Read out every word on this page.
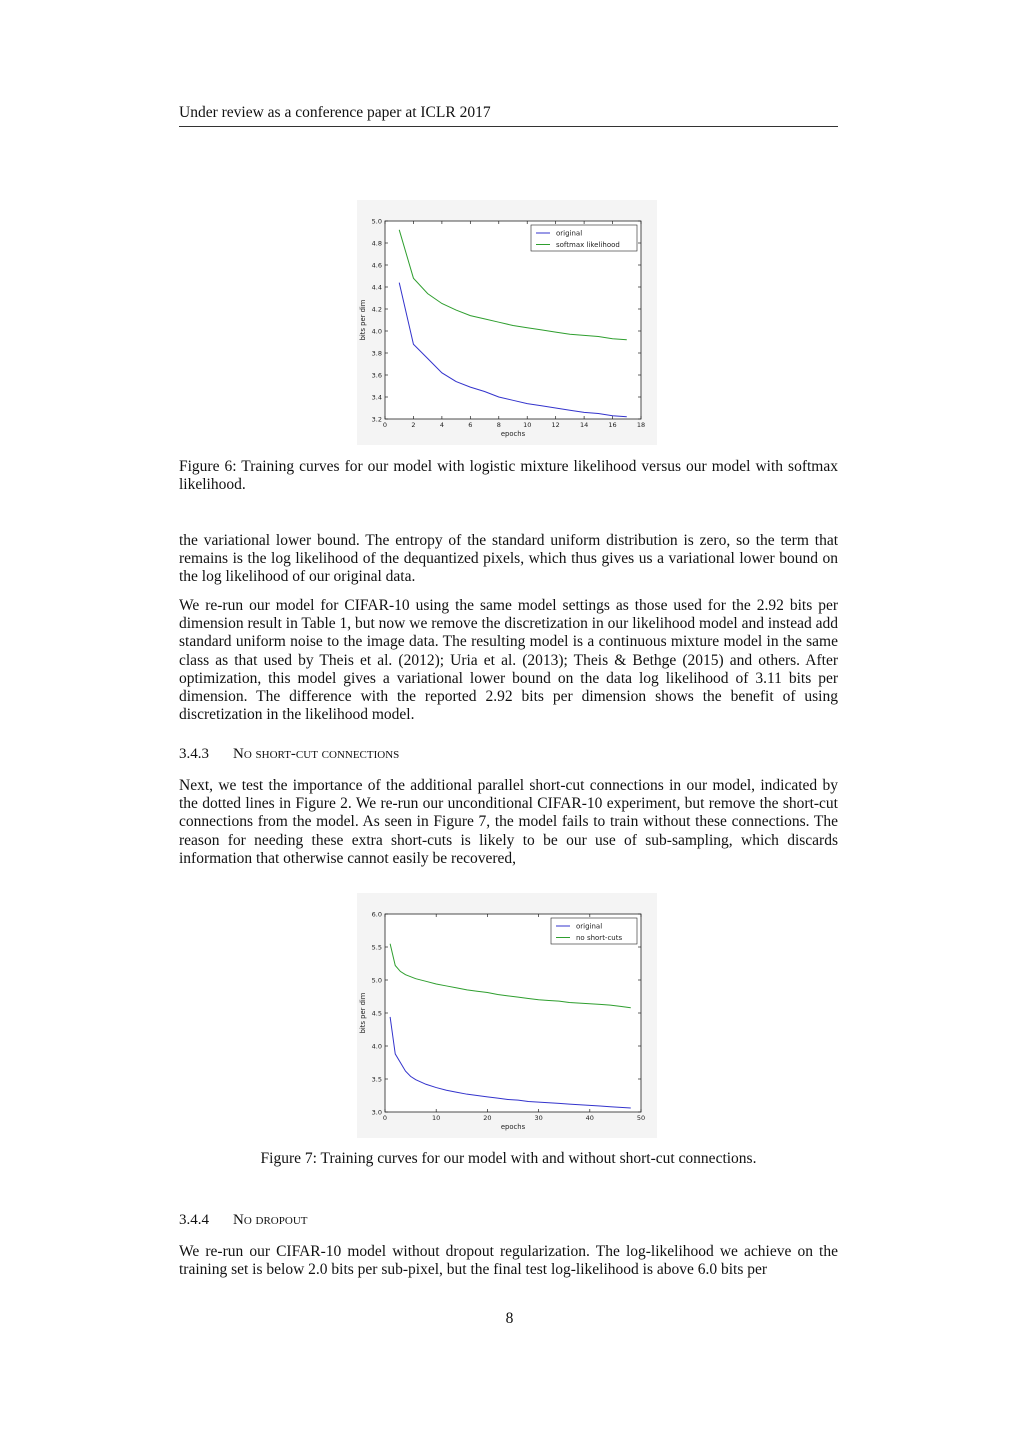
Under review as a conference paper at ICLR 2017
0	2	4	6	8	10	12	14	16	18
3.2
3.4
3.6
3.8
4.0
4.2
4.4
4.6
4.8
5.0
epochs
bits per dim
original
softmax likelihood
Figure 6: Training curves for our model with logistic mixture likelihood versus our model with softmax likelihood.

the variational lower bound. The entropy of the standard uniform distribution is zero, so the term that remains is the log likelihood of the dequantized pixels, which thus gives us a variational lower bound on the log likelihood of our original data.

We re-run our model for CIFAR-10 using the same model settings as those used for the 2.92 bits per dimension result in Table 1, but now we remove the discretization in our likelihood model and instead add standard uniform noise to the image data. The resulting model is a continuous mixture model in the same class as that used by Theis et al. (2012); Uria et al. (2013); Theis & Bethge (2015) and others. After optimization, this model gives a variational lower bound on the data log likelihood of 3.11 bits per dimension. The difference with the reported 2.92 bits per dimension shows the benefit of using discretization in the likelihood model.

3.4.3 No short-cut connections

Next, we test the importance of the additional parallel short-cut connections in our model, indicated by the dotted lines in Figure 2. We re-run our unconditional CIFAR-10 experiment, but remove the short-cut connections from the model. As seen in Figure 7, the model fails to train without these connections. The reason for needing these extra short-cuts is likely to be our use of sub-sampling, which discards information that otherwise cannot easily be recovered,

0	10	20	30	40	50
3.0
3.5
4.0
4.5
5.0
5.5
6.0
epochs
bits per dim
original
no short-cuts
Figure 7: Training curves for our model with and without short-cut connections.
3.4.4 No dropout

We re-run our CIFAR-10 model without dropout regularization. The log-likelihood we achieve on the training set is below 2.0 bits per sub-pixel, but the final test log-likelihood is above 6.0 bits per

8
